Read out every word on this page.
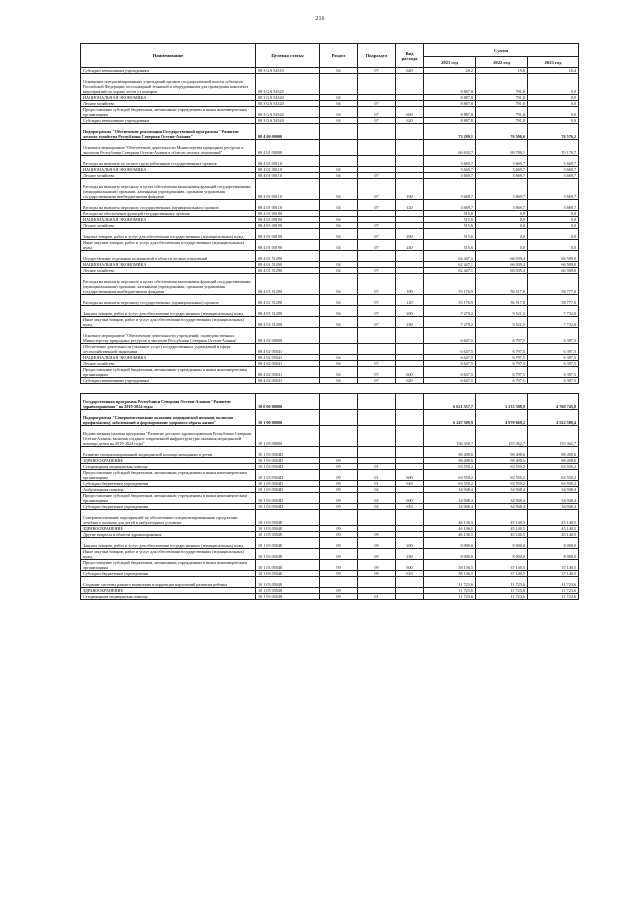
216
Наименование	Целевая статья	Раздел	Подраздел	Вид расхода	Сумма		
					2021 год	2022 год	2023 год
Субсидии автономным учреждениям	08 3 GA 54310	04	07	620	28,2	19,6	18,4
Оснащение специализированных учреждений органов государственной власти субъектов Российской Федерации лесопожарной техникой и оборудованием для проведения комплекса мероприятий по охране лесов от пожаров	08 3 GA 54320				8 887,8	791,8	0,0
НАЦИОНАЛЬНАЯ ЭКОНОМИКА	08 3 GA 54320	04			8 887,8	791,8	0,0
Лесное хозяйство	08 3 GA 54320	04	07		8 887,8	791,8	0,0
Предоставление субсидий бюджетным, автономным учреждениям и иным некоммерческим организациям	08 3 GA 54320	04	07	600	8 887,8	791,8	0,0
Субсидии автономным учреждениям	08 3 GA 54320	04	07	620	8 887,8	791,8	0,0
Подпрограмма "Обеспечение реализации Государственной программы "Развитие лесного хозяйства Республики Северная Осетия-Алания"	08 4 00 00000				73 280,1	76 506,6	76 576,2
Основное мероприятие "Обеспечение деятельности Министерства природных ресурсов и экологии Республики Северная Осетия-Алания в области лесных отношений"	08 4 01 00000				66 632,7	69 709,1	70 178,7
Расходы на выплаты по оплате труда работников государственных органов	08 4 01 00110				3 669,7	3 669,7	3 669,7
НАЦИОНАЛЬНАЯ ЭКОНОМИКА	08 4 01 00110	04			3 669,7	3 669,7	3 669,7
Лесное хозяйство	08 4 01 00110	04	07		3 669,7	3 669,7	3 669,7
Расходы на выплаты персоналу в целях обеспечения выполнения функций государственными (муниципальными) органами, казенными учреждениями, органами управления государственными внебюджетными фондами	08 4 01 00110	04	07	100	3 669,7	3 669,7	3 669,7
Расходы на выплаты персоналу государственных (муниципальных) органов	08 4 01 00110	04	07	120	3 669,7	3 669,7	3 669,7
Расходы на обеспечение функций государственных органов	08 4 01 00190				515,6	0,0	0,0
НАЦИОНАЛЬНАЯ ЭКОНОМИКА	08 4 01 00190	04			515,6	0,0	0,0
Лесное хозяйство	08 4 01 00190	04	07		515,6	0,0	0,0
Закупка товаров, работ и услуг для обеспечения государственных (муниципальных) нужд	08 4 01 00190	04	07	200	515,6	0,0	0,0
Иные закупки товаров, работ и услуг для обеспечения государственных (муниципальных) нужд	08 4 01 00190	04	07	240	515,6	0,0	0,0
Осуществление отдельных полномочий в области лесных отношений	08 4 01 51290				62 447,1	66 039,4	66 509,0
НАЦИОНАЛЬНАЯ ЭКОНОМИКА	08 4 01 51290	04			62 447,1	66 039,4	66 509,0
Лесное хозяйство	08 4 01 51290	04	07		62 447,1	66 039,4	66 509,0
Расходы на выплаты персоналу в целях обеспечения выполнения функций государственными (муниципальными) органами, казенными учреждениями, органами управления государственными внебюджетными фондами	08 4 01 51290	04	07	100	55 176,9	56 517,8	58 777,0
Расходы на выплаты персоналу государственных (муниципальных) органов	08 4 01 51290	04	07	120	55 176,9	56 517,8	58 777,0
Закупка товаров, работ и услуг для обеспечения государственных (муниципальных) нужд	08 4 01 51290	04	07	200	7 270,2	9 521,5	7 732,0
Иные закупки товаров, работ и услуг для обеспечения государственных (муниципальных) нужд	08 4 01 51290	04	07	240	7 270,2	9 521,5	7 732,0
Основное мероприятие "Обеспечение деятельности учреждений, подведомственных Министерству природных ресурсов и экологии Республики Северная Осетия-Алания"	08 4 02 00000				6 647,5	6 797,5	6 397,5
Обеспечение деятельности (оказание услуг) государственных учреждений в сфере лесохозяйственной экономики	08 4 02 05041				6 647,5	6 797,5	6 397,5
НАЦИОНАЛЬНАЯ ЭКОНОМИКА	08 4 02 05041	04			6 647,5	6 797,5	6 397,5
Лесное хозяйство	08 4 02 05041	04	07		6 647,5	6 797,5	6 397,5
Предоставление субсидий бюджетным, автономным учреждениям и иным некоммерческим организациям	08 4 02 05041	04	07	600	6 647,5	6 797,5	6 397,5
Субсидии автономным учреждениям	08 4 02 05041	04	07	620	6 647,5	6 797,5	6 397,5

Государственная программа Республики Северная Осетия-Алания "Развитие здравоохранения" на 2019-2024 годы	10 0 00 00000				6 621 557,7	5 233 388,9	4 760 745,8
Подпрограмма "Совершенствование оказания медицинской помощи, включая профилактику заболеваний и формирование здорового образа жизни"	10 1 00 00000				6 247 309,9	4 970 660,2	4 522 500,4
Ведомственная целевая программа "Развитие детского здравоохранения Республики Северная Осетия-Алания, включая создание современной инфраструктуры оказания медицинской помощи детям на 2019-2024 годы"	10 1 03 00000				156 358,7	155 362,7	155 362,7
Развитие специализированной медицинской помощи женщинам и детям	10 1 03 0504D				98 498,6	98 498,6	98 498,6
ЗДРАВООХРАНЕНИЕ	10 1 03 0504D	09			98 498,6	98 498,6	98 498,6
Стационарная медицинская помощь	10 1 03 0504D	09	01		63 550,2	63 550,2	63 550,2
Предоставление субсидий бюджетным, автономным учреждениям и иным некоммерческим организациям	10 1 03 0504D	09	01	600	63 550,2	63 550,2	63 550,2
Субсидии бюджетным учреждениям	10 1 03 0504D	09	01	610	63 550,2	63 550,2	63 550,2
Амбулаторная помощь	10 1 03 0504D	09	02		34 948,4	34 948,4	34 948,4
Предоставление субсидий бюджетным, автономным учреждениям и иным некоммерческим организациям	10 1 03 0504D	09	02	600	34 948,4	34 948,4	34 948,4
Субсидии бюджетным учреждениям	10 1 03 0504D	09	02	610	34 948,4	34 948,4	34 948,4
Совершенствование мероприятий по обеспечению специализированными продуктами лечебного питания для детей в амбулаторных условиях	10 1 03 0504E				46 136,5	45 140,5	45 140,5
ЗДРАВООХРАНЕНИЕ	10 1 03 0504E	09			46 136,5	45 140,5	45 140,5
Другие вопросы в области здравоохранения	10 1 03 0504E	09	09		46 136,5	45 140,5	45 140,5
Закупка товаров, работ и услуг для обеспечения государственных (муниципальных) нужд	10 1 03 0504E	09	09	200	8 000,0	8 000,0	8 000,0
Иные закупки товаров, работ и услуг для обеспечения государственных (муниципальных) нужд	10 1 03 0504E	09	09	240	8 000,0	8 000,0	8 000,0
Предоставление субсидий бюджетным, автономным учреждениям и иным некоммерческим организациям	10 1 03 0504E	09	09	600	38 136,5	37 140,5	37 140,5
Субсидии бюджетным учреждениям	10 1 03 0504E	09	09	610	38 136,5	37 140,5	37 140,5
Создание системы раннего выявления и коррекции нарушений развития ребенка	10 1 03 05048				11 723,6	11 723,6	11 723,6
ЗДРАВООХРАНЕНИЕ	10 1 03 05048	09			11 723,6	11 723,6	11 723,6
Стационарная медицинская помощь	10 1 03 05048	09	01		11 723,6	11 723,6	11 723,6
